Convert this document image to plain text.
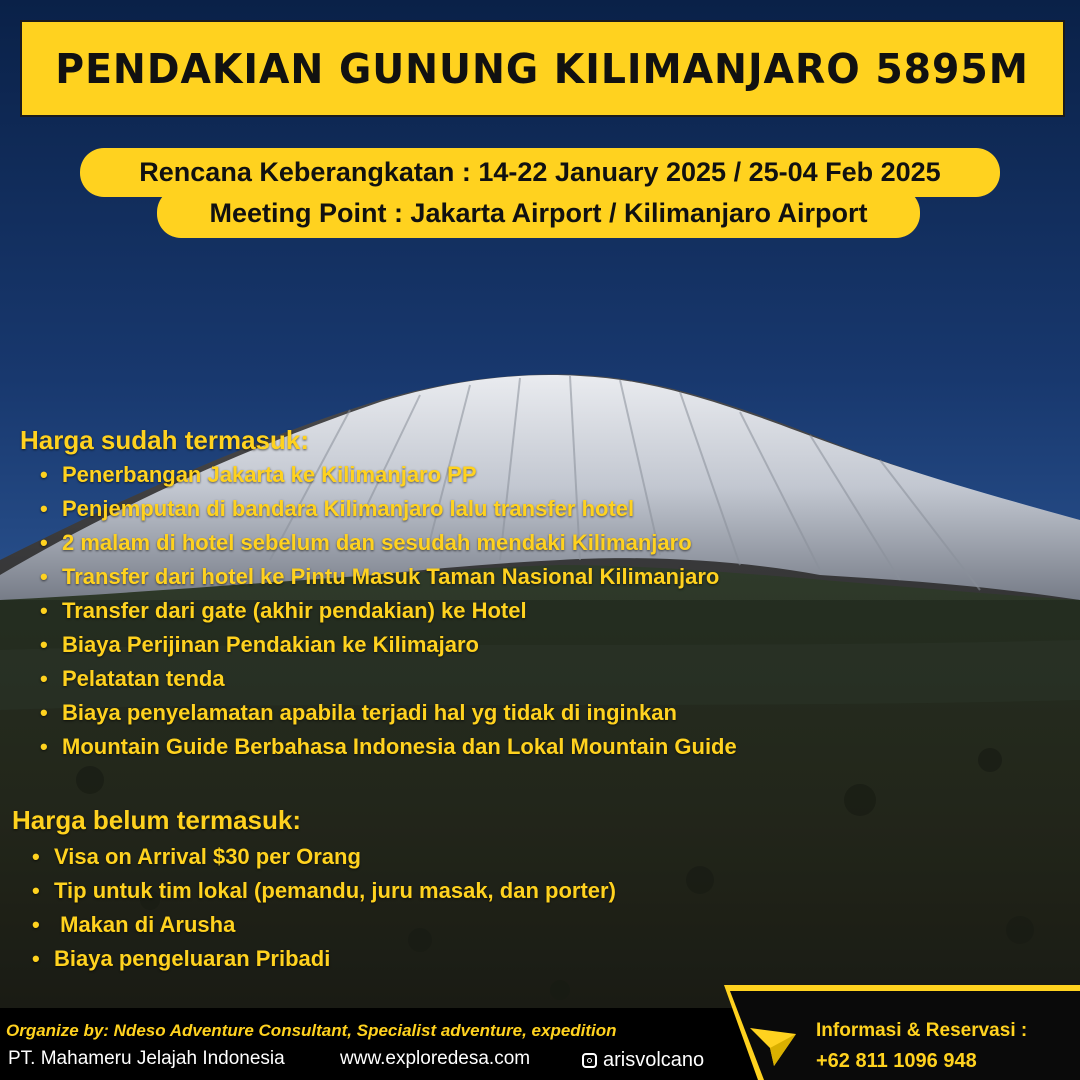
PENDAKIAN GUNUNG KILIMANJARO 5895M
Rencana Keberangkatan : 14-22 January 2025 / 25-04 Feb 2025
Meeting Point : Jakarta Airport / Kilimanjaro Airport
Harga sudah termasuk:
• Penerbangan Jakarta ke Kilimanjaro PP
• Penjemputan di bandara Kilimanjaro lalu transfer hotel
• 2 malam di hotel sebelum dan sesudah mendaki Kilimanjaro
• Transfer dari hotel ke Pintu Masuk Taman Nasional Kilimanjaro
• Transfer dari gate (akhir pendakian) ke Hotel
• Biaya Perijinan Pendakian ke Kilimajaro
• Pelatatan tenda
• Biaya penyelamatan apabila terjadi hal yg tidak di inginkan
• Mountain Guide Berbahasa Indonesia dan Lokal Mountain Guide
Harga belum termasuk:
• Visa on Arrival $30 per Orang
• Tip untuk tim lokal (pemandu, juru masak, dan porter)
•  Makan di Arusha
• Biaya pengeluaran Pribadi
Organize by: Ndeso Adventure Consultant, Specialist adventure, expedition
PT. Mahameru Jelajah Indonesia	www.exploredesa.com	arisvolcano
Informasi & Reservasi :
+62 811 1096 948
